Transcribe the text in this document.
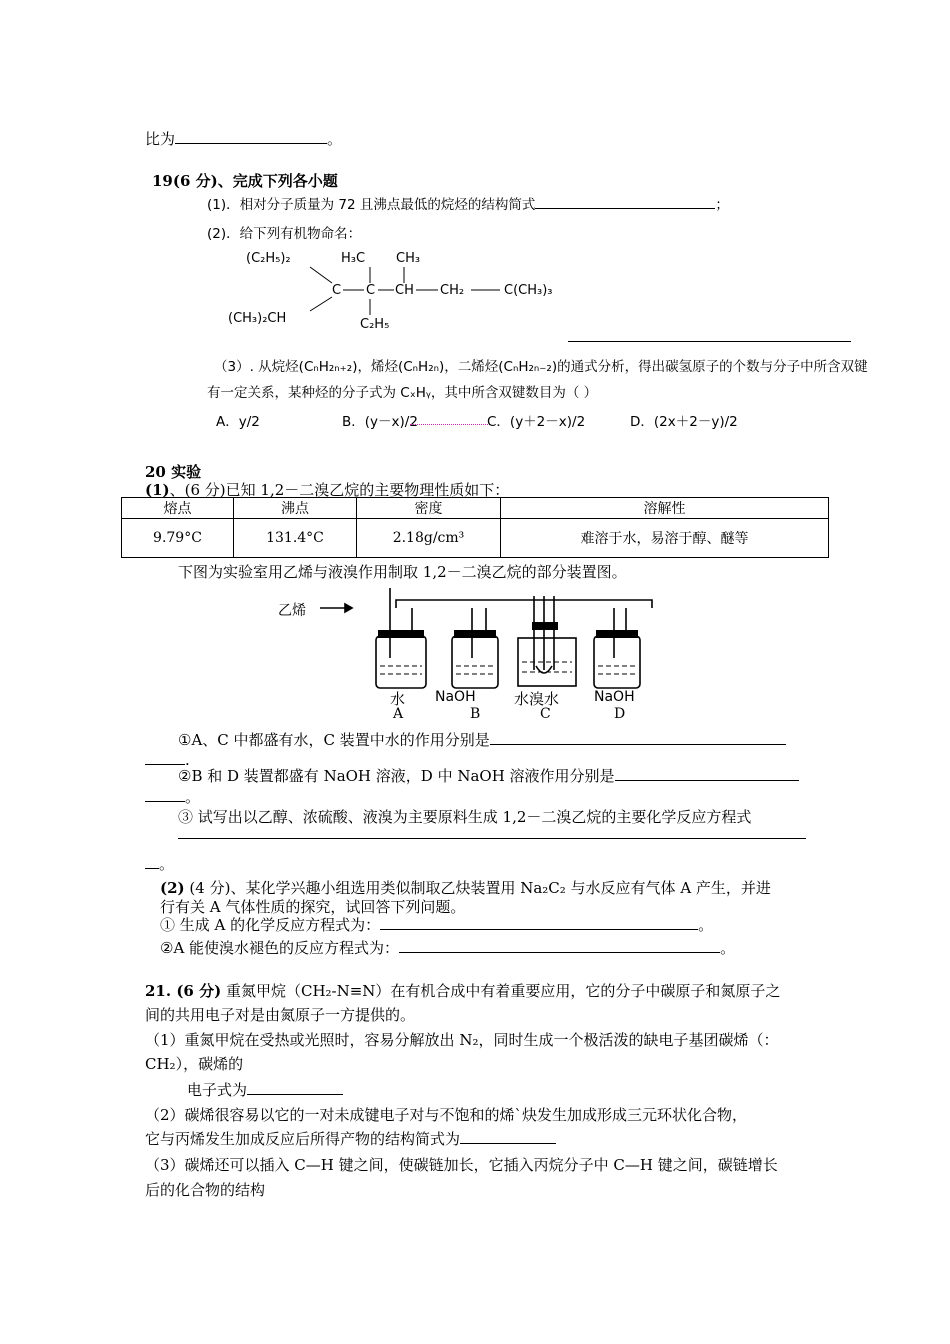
比为	。
19(6 分)、完成下列各小题
(1)．相对分子质量为 72 且沸点最低的烷烃的结构简式	；
(2)．给下列有机物命名：
(C₂H₅)₂	H₃C CH₃
C C CH CH₂	C(CH₃)₃
(CH₃)₂CH	C₂H₅
（3）. 从烷烃(CₙH₂ₙ₊₂)，烯烃(CₙH₂ₙ)，二烯烃(CₙH₂ₙ₋₂)的通式分析，得出碳氢原子的个数与分子中所含双键
有一定关系，某种烃的分子式为 CₓHᵧ，其中所含双键数目为（ ）
A．y/2	B．(y－x)/2	C．(y＋2－x)/2	D．(2x＋2－y)/2
20 实验
(1)、(6 分)已知 1,2－二溴乙烷的主要物理性质如下：
熔点	沸点	密度	溶解性
9.79°C	131.4°C	2.18g/cm³	难溶于水，易溶于醇、醚等
下图为实验室用乙烯与液溴作用制取 1,2－二溴乙烷的部分装置图。
乙烯
水 NaOH	水溴水 NaOH
A	B	C	D
①A、C 中都盛有水，C 装置中水的作用分别是
.
②B 和 D 装置都盛有 NaOH 溶液，D 中 NaOH 溶液作用分别是
。
③ 试写出以乙醇、浓硫酸、液溴为主要原料生成 1,2－二溴乙烷的主要化学反应方程式
。
(2) (4 分)、某化学兴趣小组选用类似制取乙炔装置用 Na₂C₂ 与水反应有气体 A 产生，并进
行有关 A 气体性质的探究，试回答下列问题。
① 生成 A 的化学反应方程式为：	。
②A 能使溴水褪色的反应方程式为：	。
21. (6 分) 重氮甲烷（CH₂-N≡N）在有机合成中有着重要应用，它的分子中碳原子和氮原子之
间的共用电子对是由氮原子一方提供的。
（1）重氮甲烷在受热或光照时，容易分解放出 N₂，同时生成一个极活泼的缺电子基团碳烯（：
CH₂），碳烯的
电子式为
（2）碳烯很容易以它的一对未成键电子对与不饱和的烯`炔发生加成形成三元环状化合物，
它与丙烯发生加成反应后所得产物的结构简式为
（3）碳烯还可以插入 C—H 键之间，使碳链加长，它插入丙烷分子中 C—H 键之间，碳链增长
后的化合物的结构
